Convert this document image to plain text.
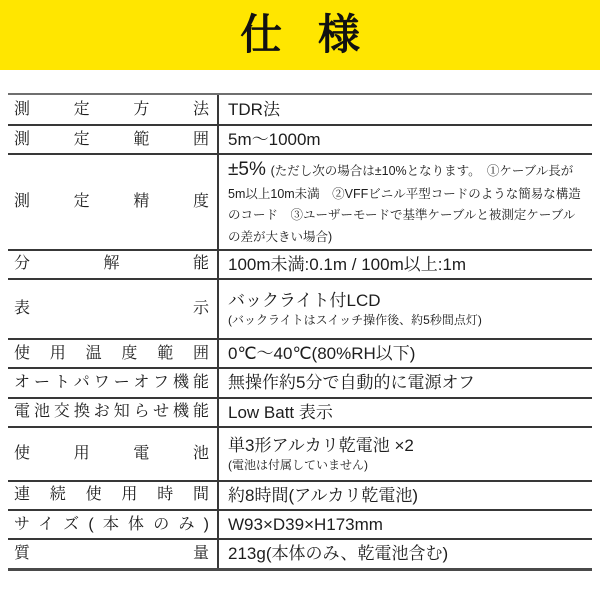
仕 様
測定方法 TDR法
測定範囲 5m〜1000m
測定精度
±5% (ただし次の場合は±10%となります。　①ケーブル長が5m以上10m未満　②VFFビニル平型コードのような簡易な構造のコード　③ユーザーモードで基準ケーブルと被測定ケーブルの差が大きい場合)
分解能 100m未満:0.1m / 100m以上:1m
表示 バックライト付LCD
(バックライトはスイッチ操作後、約5秒間点灯)
使用温度範囲 0℃〜40℃(80%RH以下)
オートパワーオフ機能 無操作約5分で自動的に電源オフ
電池交換お知らせ機能 Low Batt 表示
使用電池 単3形アルカリ乾電池 ×2
(電池は付属していません)
連続使用時間 約8時間(アルカリ乾電池)
サイズ(本体のみ) W93×D39×H173mm
質量 213g(本体のみ、乾電池含む)
